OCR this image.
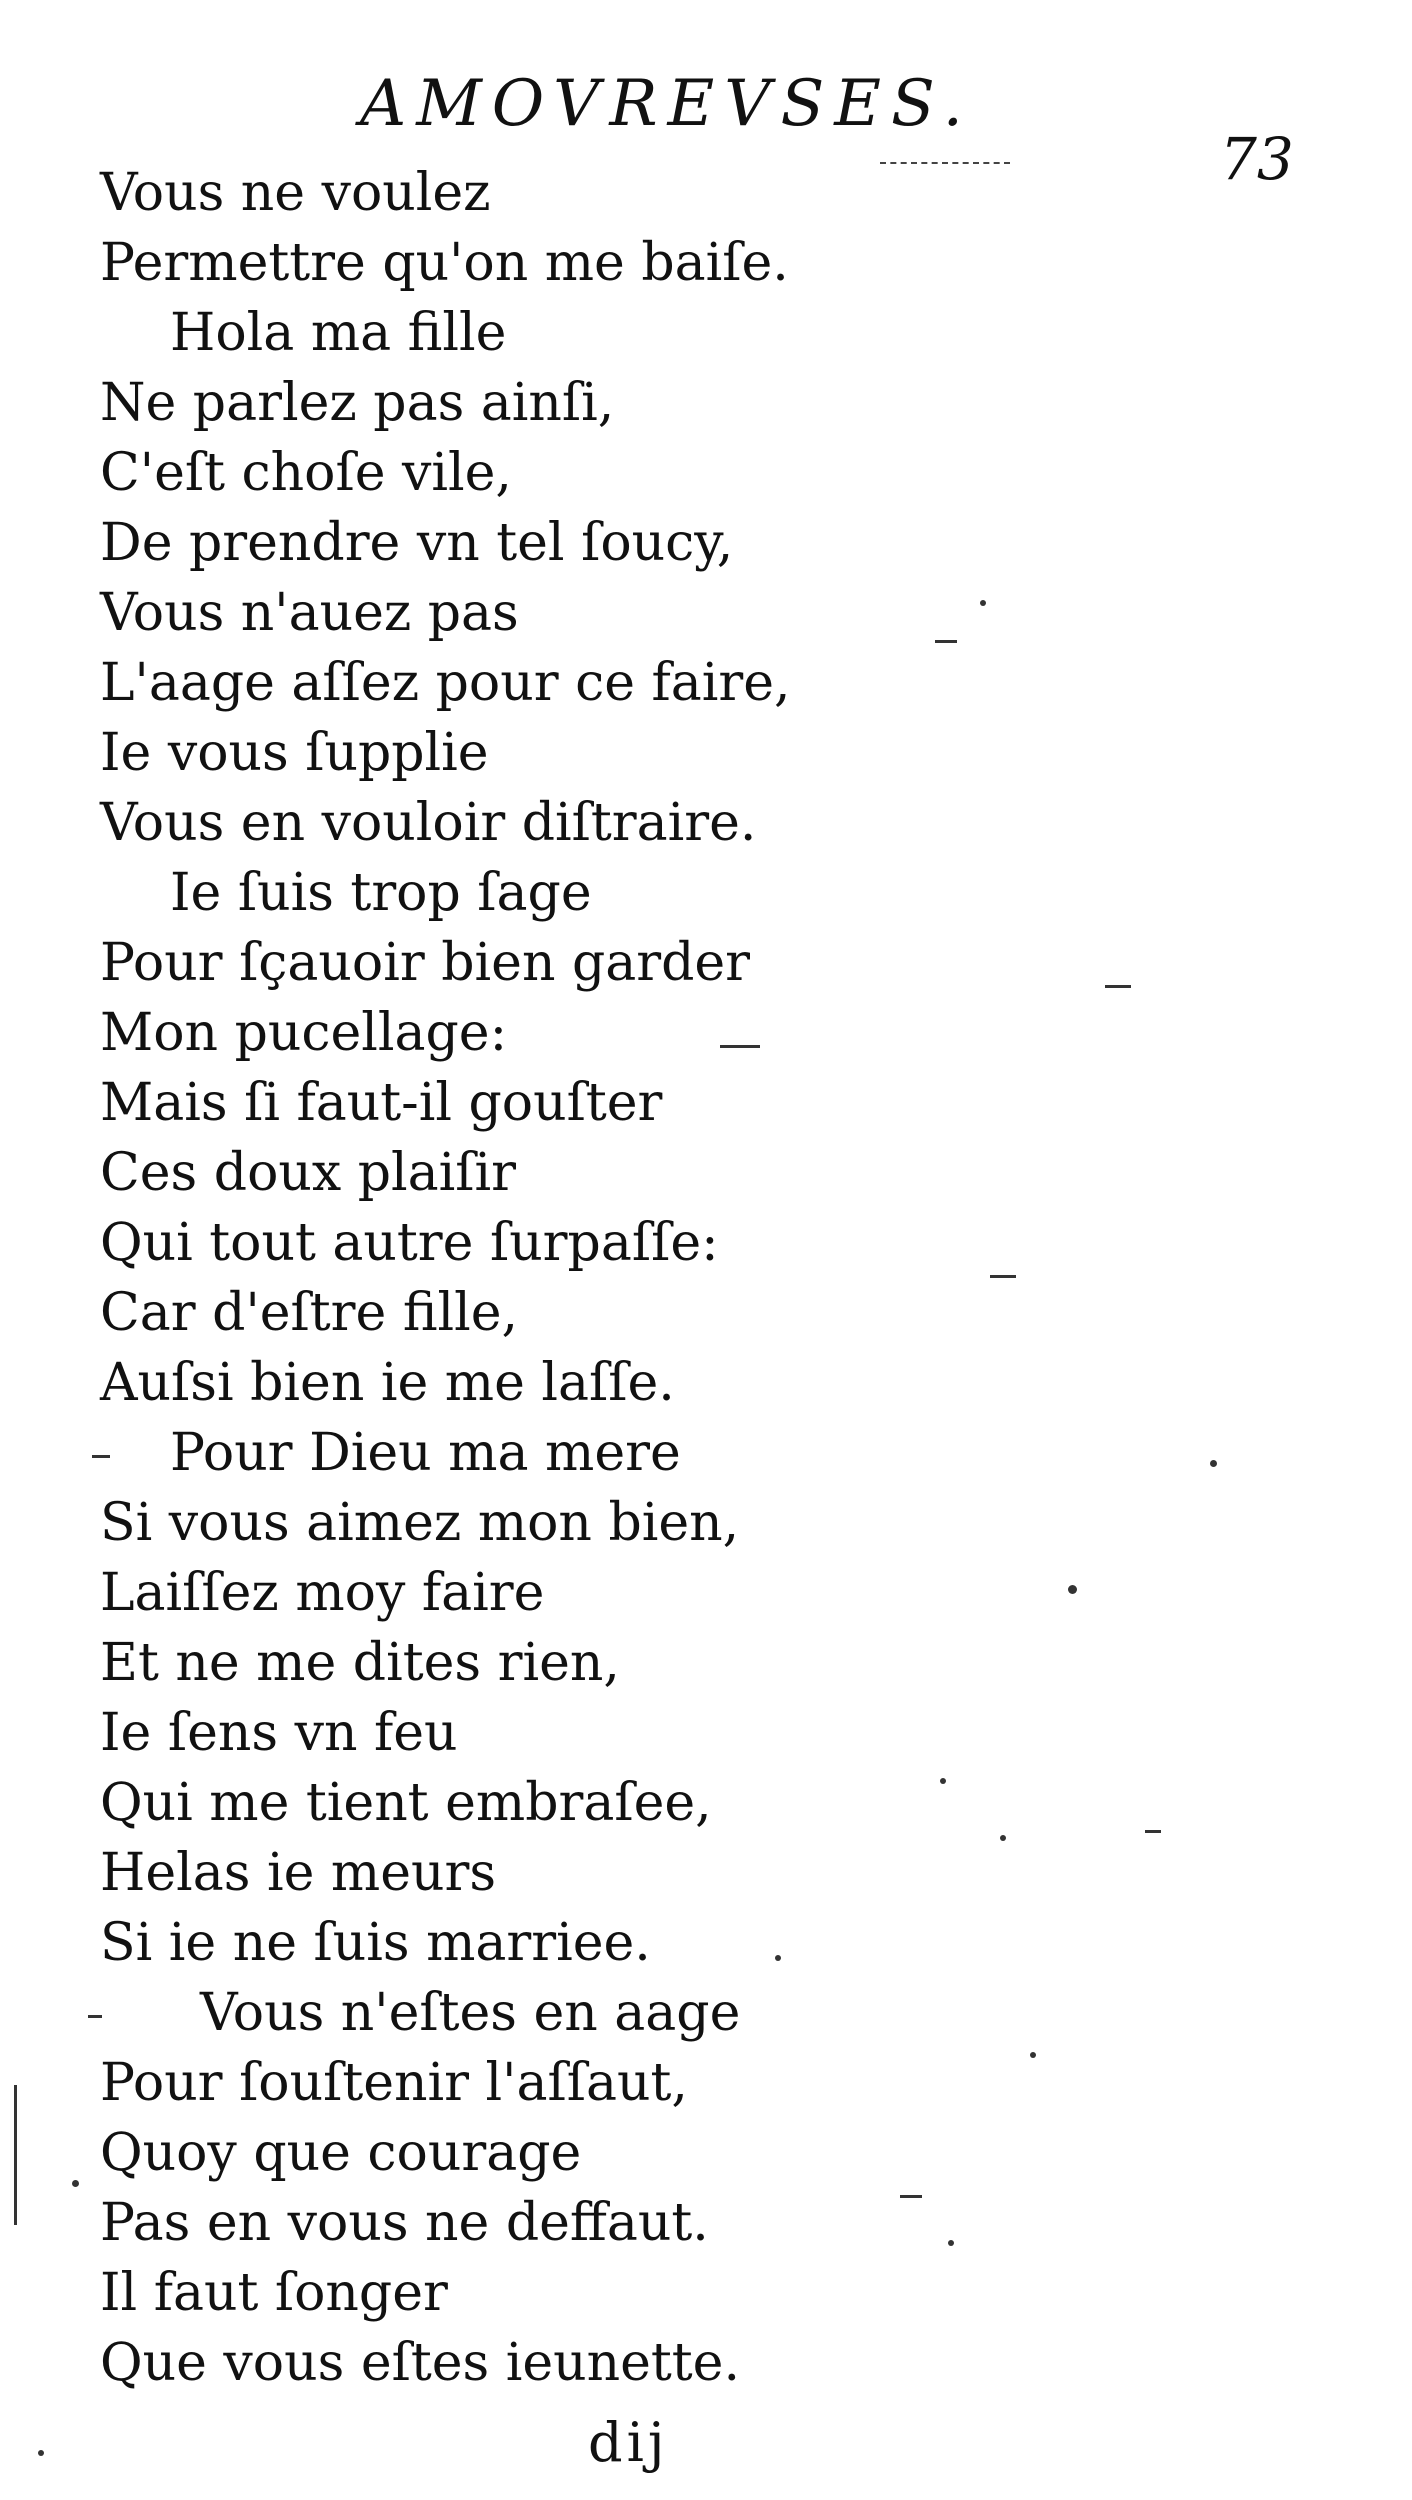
AMOVREVSES.
73
Vous ne voulez
Permettre qu'on me baiſe.
Hola ma fille
Ne parlez pas ainſi,
C'eſt choſe vile,
De prendre vn tel ſoucy,
Vous n'auez pas
L'aage aſſez pour ce faire,
Ie vous ſupplie
Vous en vouloir diſtraire.
Ie ſuis trop ſage
Pour ſçauoir bien garder
Mon pucellage:
Mais ſi faut-il gouſter
Ces doux plaiſir
Qui tout autre ſurpaſſe:
Car d'eſtre fille,
Auſsi bien ie me laſſe.
Pour Dieu ma mere
Si vous aimez mon bien,
Laiſſez moy faire
Et ne me dites rien,
Ie ſens vn feu
Qui me tient embraſee,
Helas ie meurs
Si ie ne ſuis marriee.
Vous n'eſtes en aage
Pour ſouſtenir l'aſſaut,
Quoy que courage
Pas en vous ne deffaut.
Il faut ſonger
Que vous eſtes ieunette.
dij
